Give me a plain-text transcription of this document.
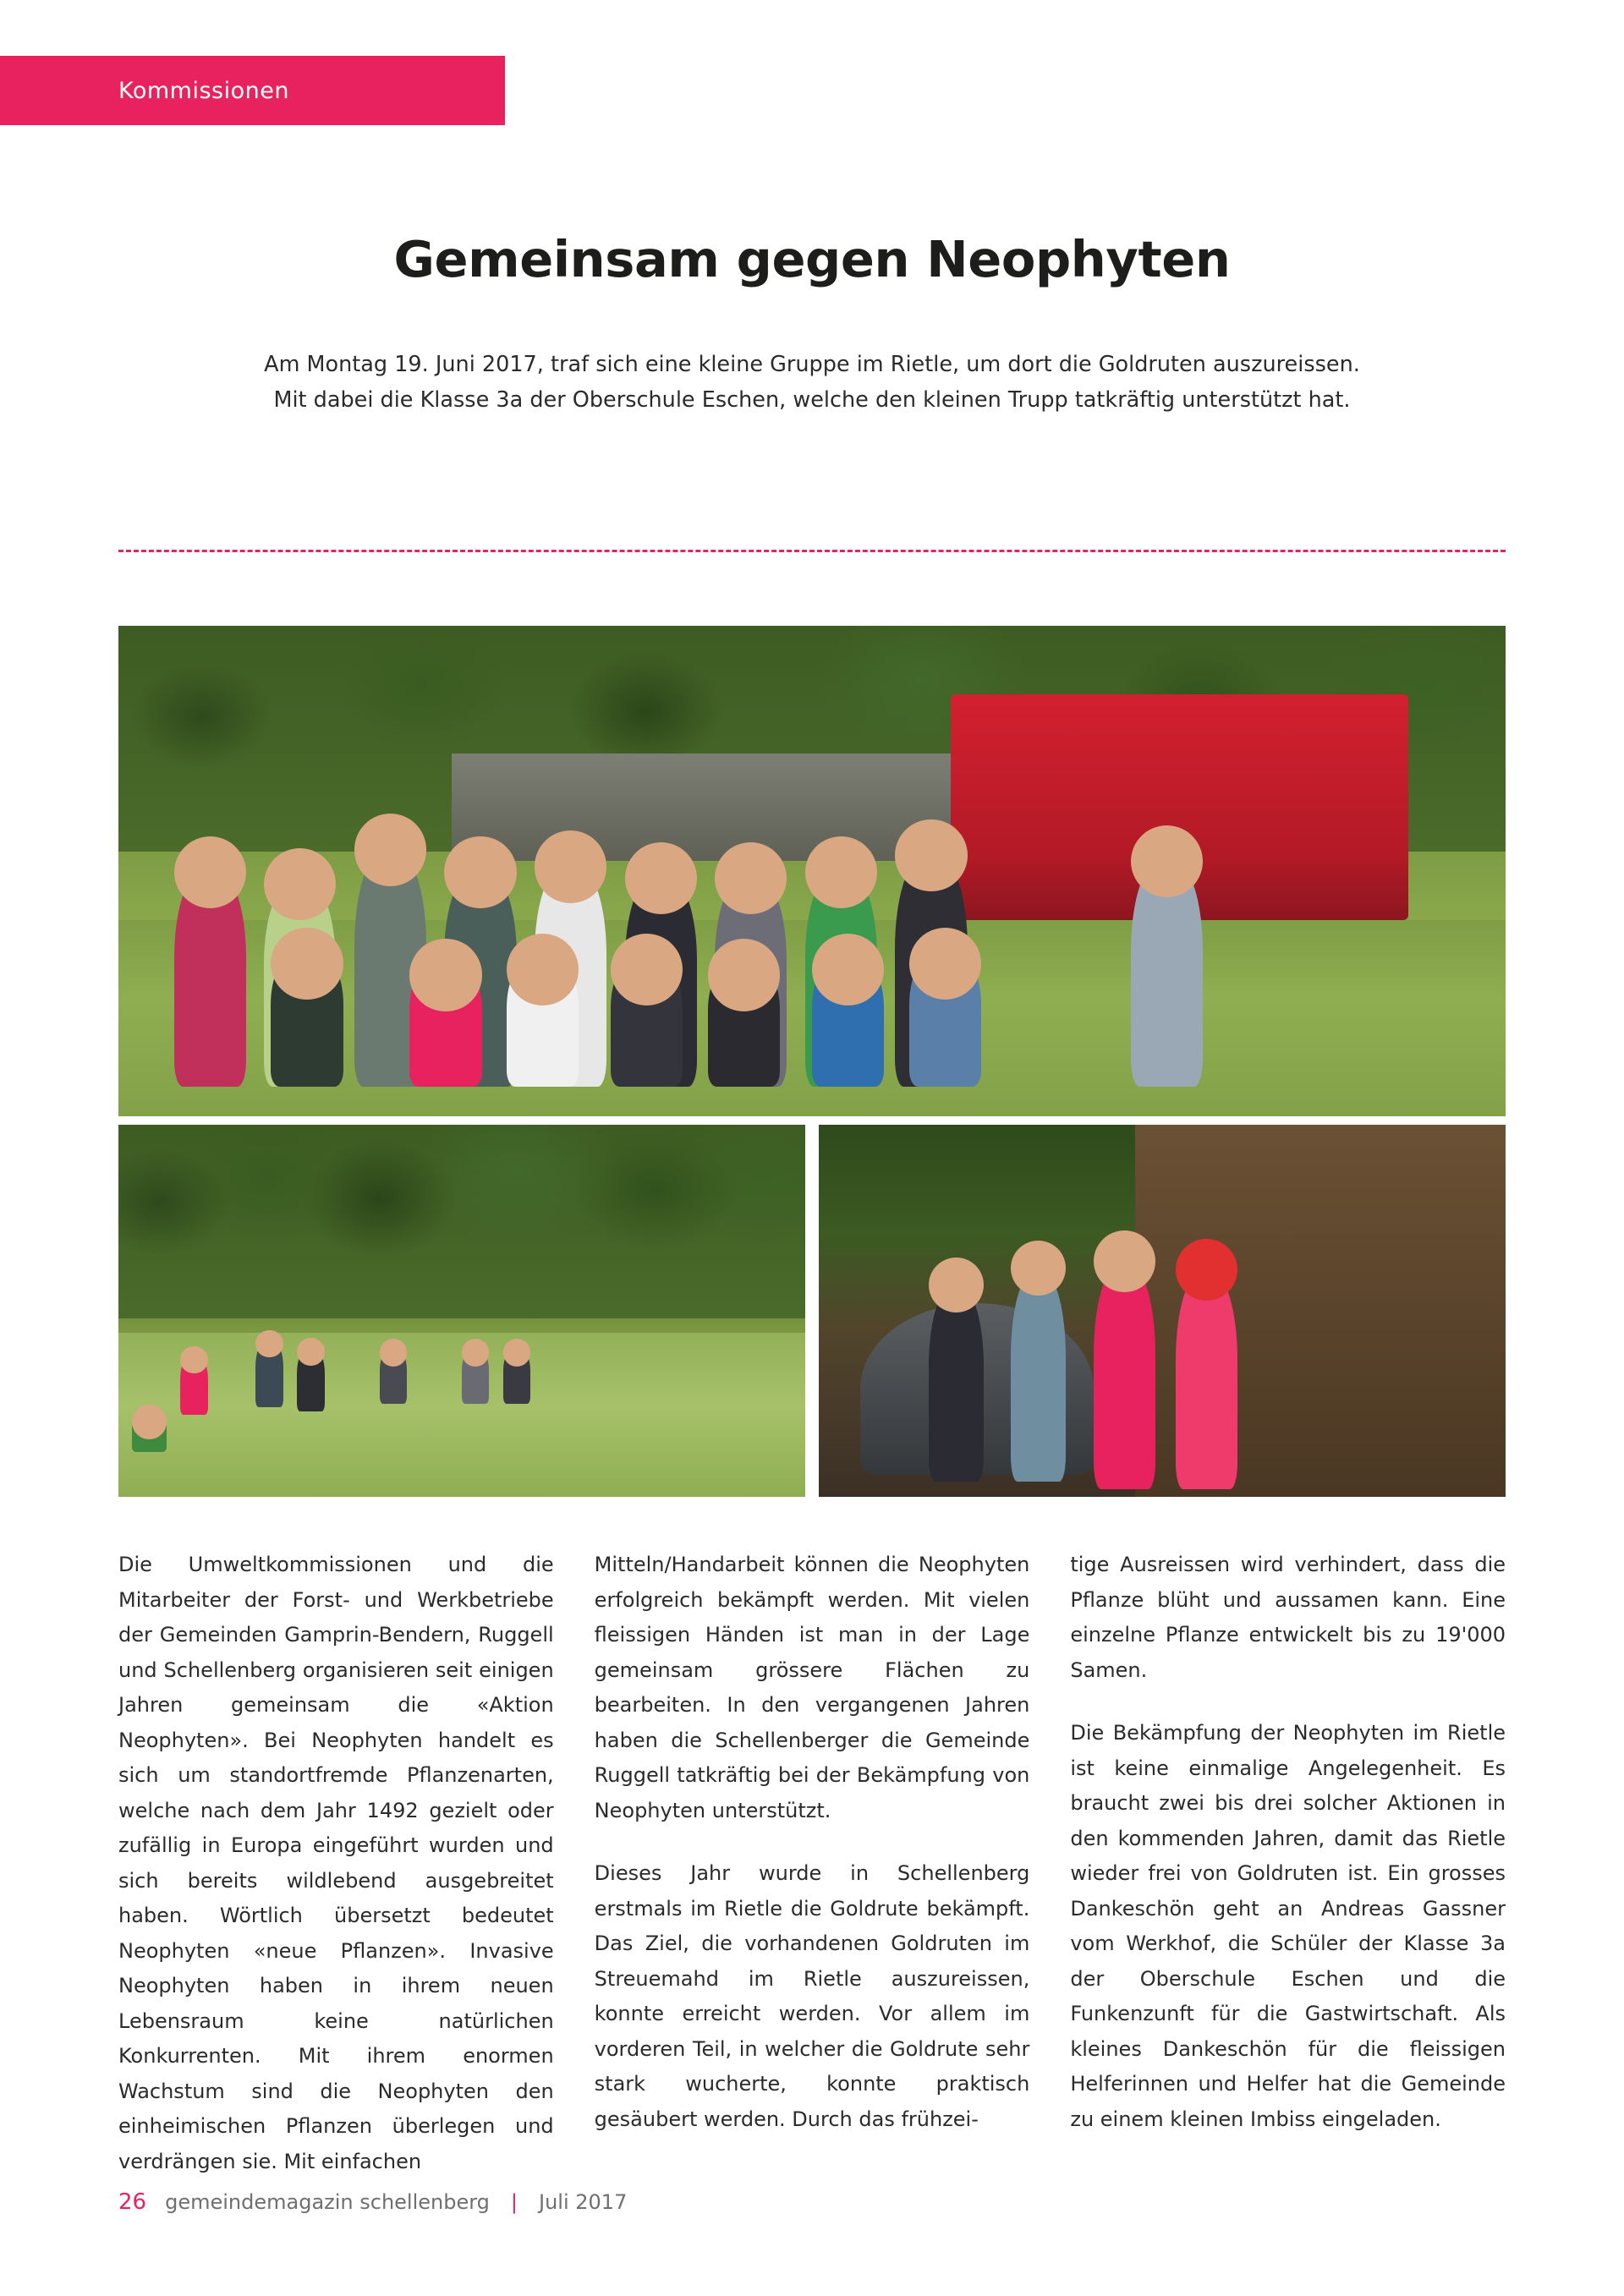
Kommissionen
Gemeinsam gegen Neophyten
Am Montag 19. Juni 2017, traf sich eine kleine Gruppe im Rietle, um dort die Goldruten auszureissen. Mit dabei die Klasse 3a der Oberschule Eschen, welche den kleinen Trupp tatkräftig unterstützt hat.

Die Umweltkommissionen und die Mitarbeiter der Forst- und Werkbetriebe der Gemeinden Gamprin-Bendern, Ruggell und Schellenberg organisieren seit einigen Jahren gemeinsam die «Aktion Neophyten». Bei Neophyten handelt es sich um standortfremde Pflanzenarten, welche nach dem Jahr 1492 gezielt oder zufällig in Europa eingeführt wurden und sich bereits wildlebend ausgebreitet haben. Wörtlich übersetzt bedeutet Neophyten «neue Pflanzen». Invasive Neophyten haben in ihrem neuen Lebensraum keine natürlichen Konkurrenten. Mit ihrem enormen Wachstum sind die Neophyten den einheimischen Pflanzen überlegen und verdrängen sie. Mit einfachen

Mitteln/Handarbeit können die Neophyten erfolgreich bekämpft werden. Mit vielen fleissigen Händen ist man in der Lage gemeinsam grössere Flächen zu bearbeiten. In den vergangenen Jahren haben die Schellenberger die Gemeinde Ruggell tatkräftig bei der Bekämpfung von Neophyten unterstützt.

Dieses Jahr wurde in Schellenberg erstmals im Rietle die Goldrute bekämpft. Das Ziel, die vorhandenen Goldruten im Streuemahd im Rietle auszureissen, konnte erreicht werden. Vor allem im vorderen Teil, in welcher die Goldrute sehr stark wucherte, konnte praktisch gesäubert werden. Durch das frühzei-

tige Ausreissen wird verhindert, dass die Pflanze blüht und aussamen kann. Eine einzelne Pflanze entwickelt bis zu 19'000 Samen.

Die Bekämpfung der Neophyten im Rietle ist keine einmalige Angelegenheit. Es braucht zwei bis drei solcher Aktionen in den kommenden Jahren, damit das Rietle wieder frei von Goldruten ist. Ein grosses Dankeschön geht an Andreas Gassner vom Werkhof, die Schüler der Klasse 3a der Oberschule Eschen und die Funkenzunft für die Gastwirtschaft. Als kleines Dankeschön für die fleissigen Helferinnen und Helfer hat die Gemeinde zu einem kleinen Imbiss eingeladen.

26 gemeindemagazin schellenberg | Juli 2017
